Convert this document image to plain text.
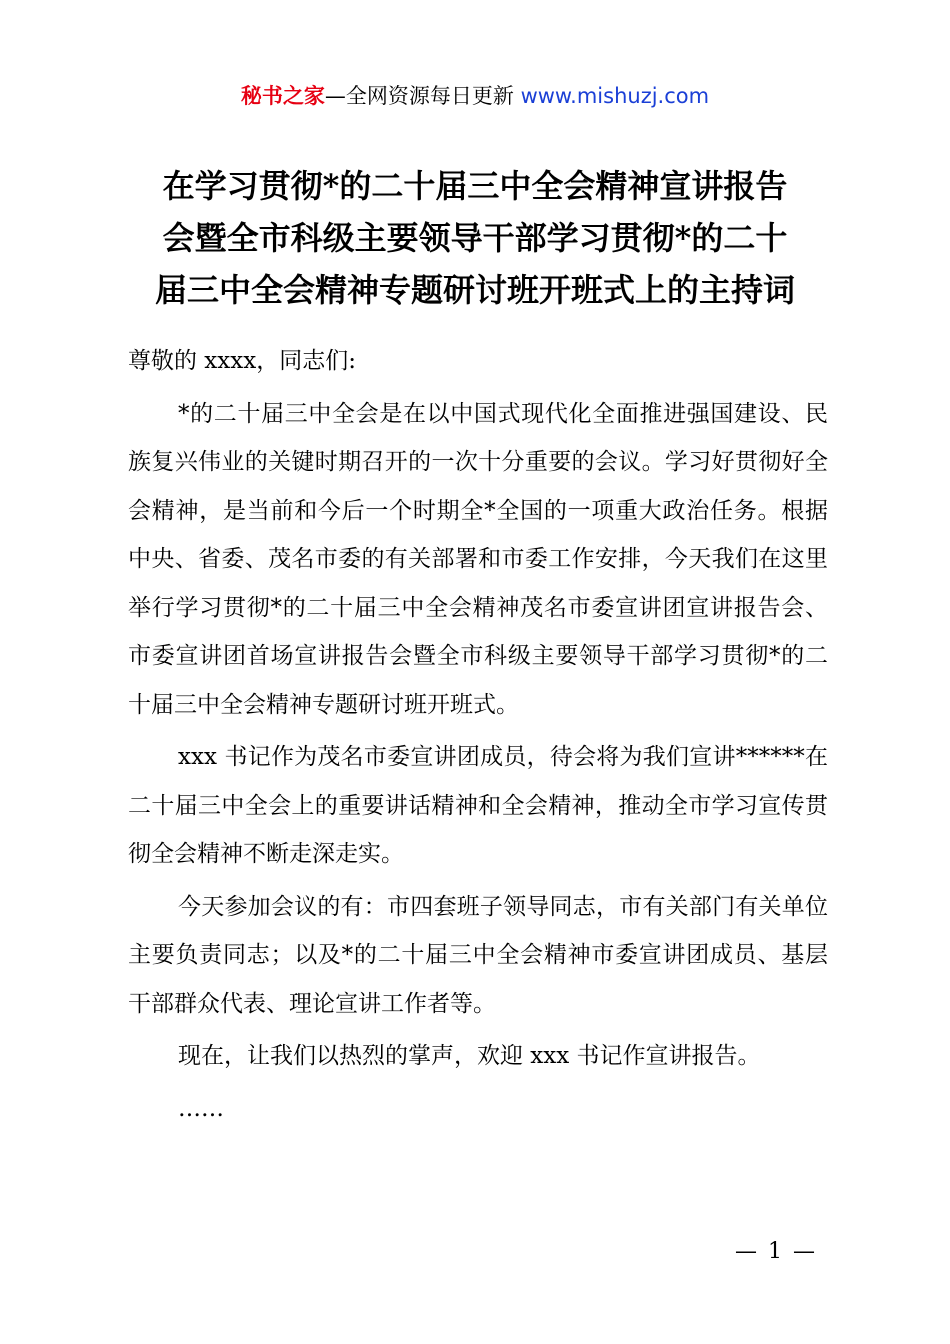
秘书之家—全网资源每日更新 www.mishuzj.com
在学习贯彻*的二十届三中全会精神宣讲报告
会暨全市科级主要领导干部学习贯彻*的二十
届三中全会精神专题研讨班开班式上的主持词

尊敬的 xxxx，同志们:

*的二十届三中全会是在以中国式现代化全面推进强国建设、民族复兴伟业的关键时期召开的一次十分重要的会议。学习好贯彻好全会精神，是当前和今后一个时期全*全国的一项重大政治任务。根据中央、省委、茂名市委的有关部署和市委工作安排，今天我们在这里举行学习贯彻*的二十届三中全会精神茂名市委宣讲团宣讲报告会、市委宣讲团首场宣讲报告会暨全市科级主要领导干部学习贯彻*的二十届三中全会精神专题研讨班开班式。

xxx 书记作为茂名市委宣讲团成员，待会将为我们宣讲******在二十届三中全会上的重要讲话精神和全会精神，推动全市学习宣传贯彻全会精神不断走深走实。

今天参加会议的有：市四套班子领导同志，市有关部门有关单位主要负责同志；以及*的二十届三中全会精神市委宣讲团成员、基层干部群众代表、理论宣讲工作者等。

现在，让我们以热烈的掌声，欢迎 xxx 书记作宣讲报告。

……

— 1 —
